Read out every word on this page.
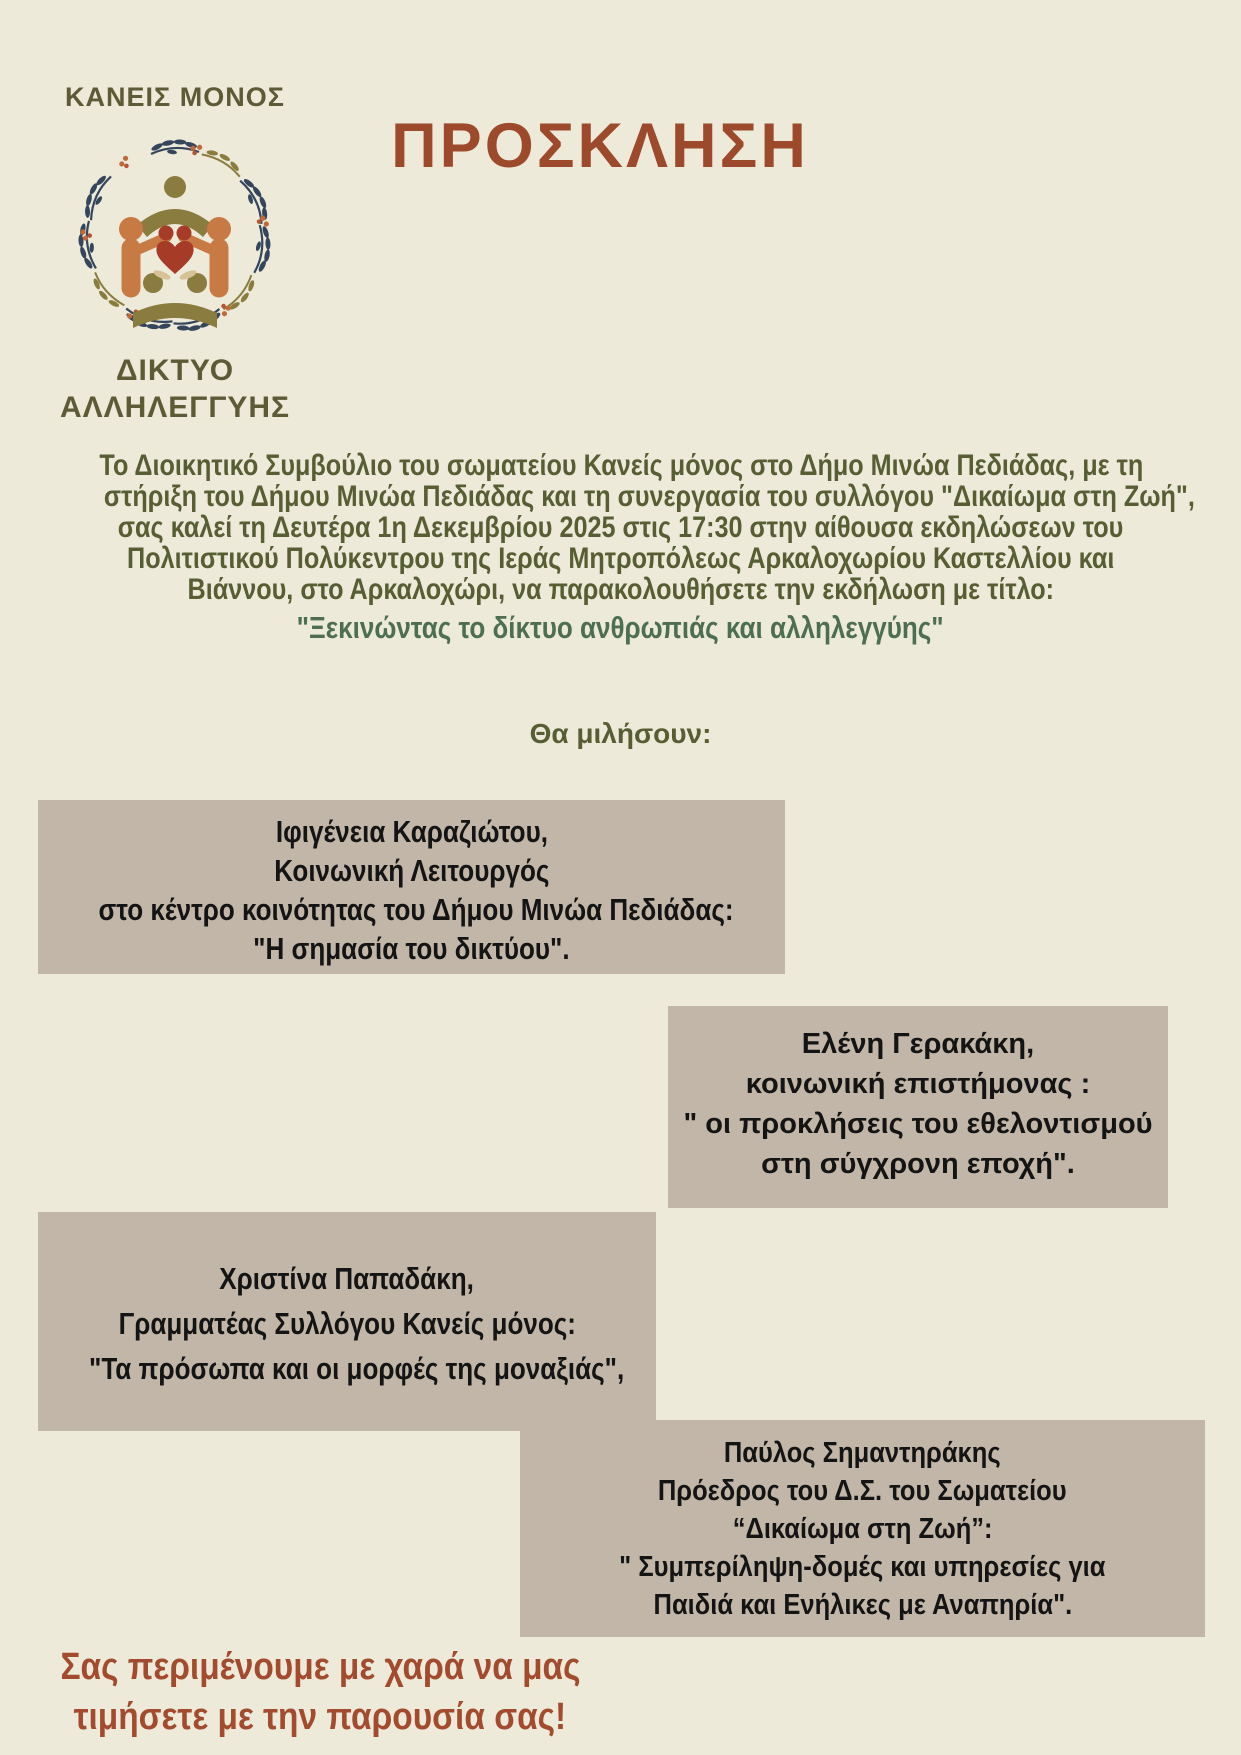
ΚΑΝΕΙΣ ΜΟΝΟΣ
ΔΙΚΤΥΟ
ΑΛΛΗΛΕΓΓΥΗΣ
ΠΡΟΣΚΛΗΣΗ
Το Διοικητικό Συμβούλιο του σωματείου Κανείς μόνος στο Δήμο Μινώα Πεδιάδας, με τη
στήριξη του Δήμου Μινώα Πεδιάδας και τη συνεργασία του συλλόγου "Δικαίωμα στη Ζωή",
σας καλεί τη Δευτέρα 1η Δεκεμβρίου 2025 στις 17:30 στην αίθουσα εκδηλώσεων του
Πολιτιστικού Πολύκεντρου της Ιεράς Μητροπόλεως Αρκαλοχωρίου Καστελλίου και
Βιάννου, στο Αρκαλοχώρι, να παρακολουθήσετε την εκδήλωση με τίτλο:
"Ξεκινώντας το δίκτυο ανθρωπιάς και αλληλεγγύης"
Θα μιλήσουν:
Ιφιγένεια Καραζιώτου,
Κοινωνική Λειτουργός
στο κέντρο κοινότητας του Δήμου Μινώα Πεδιάδας:
"Η σημασία του δικτύου".
Ελένη Γερακάκη,
κοινωνική επιστήμονας :
" οι προκλήσεις του εθελοντισμού
στη σύγχρονη εποχή".
Χριστίνα Παπαδάκη,
Γραμματέας Συλλόγου Κανείς μόνος:
"Τα πρόσωπα και οι μορφές της μοναξιάς",
Παύλος Σημαντηράκης
Πρόεδρος του Δ.Σ. του Σωματείου
“Δικαίωμα στη Ζωή”:
" Συμπερίληψη-δομές και υπηρεσίες για
Παιδιά και Ενήλικες με Αναπηρία".
Σας περιμένουμε με χαρά να μας
τιμήσετε με την παρουσία σας!
